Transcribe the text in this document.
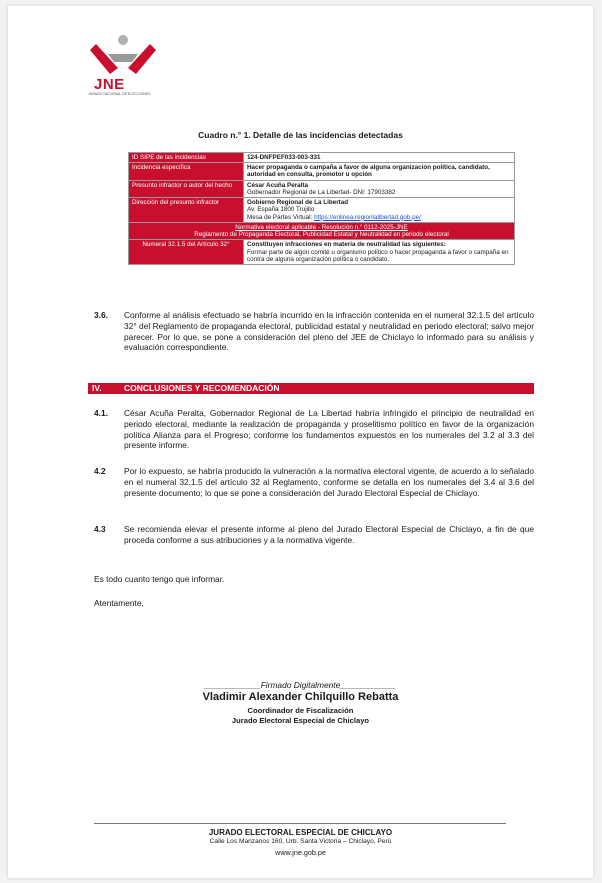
JNE
JURADO NACIONAL DE ELECCIONES
Cuadro n.° 1. Detalle de las incidencias detectadas
ID SIPE de las incidencias	124-DNFPEF033-003-331
Incidencia específica	Hacer propaganda o campaña a favor de alguna organización política, candidato, autoridad en consulta, promotor u opción
Presunto infractor o autor del hecho	César Acuña Peralta
Gobernador Regional de La Libertad- DNI: 17903382
Dirección del presunto infractor	Gobierno Regional de La Libertad
Av. España 1800 Trujillo
Mesa de Partes Virtual: https://enlinea.regionlalibertad.gob.pe/
Normativa electoral aplicable - Resolución n.° 0112-2025-JNE
Reglamento de Propaganda Electoral, Publicidad Estatal y Neutralidad en periodo electoral	
Numeral 32.1.5 del Artículo 32°	Constituyen infracciones en materia de neutralidad las siguientes:
Formar parte de algún comité u organismo político o hacer propaganda a favor o campaña en contra de alguna organización política o candidato.
3.6. Conforme al análisis efectuado se habría incurrido en la infracción contenida en el numeral 32.1.5 del artículo 32° del Reglamento de propaganda electoral, publicidad estatal y neutralidad en periodo electoral; salvo mejor parecer. Por lo que, se pone a consideración del pleno del JEE de Chiclayo lo informado para su análisis y evaluación correspondiente.
IV.	CONCLUSIONES Y RECOMENDACIÓN
4.1. César Acuña Peralta, Gobernador Regional de La Libertad habría infringido el principio de neutralidad en periodo electoral, mediante la realización de propaganda y proselitismo político en favor de la organización política Alianza para el Progreso; conforme los fundamentos expuestos en los numerales del 3.2 al 3.3 del presente informe.
4.2 Por lo expuesto, se habría producido la vulneración a la normativa electoral vigente, de acuerdo a lo señalado en el numeral 32.1.5 del artículo 32 al Reglamento, conforme se detalla en los numerales del 3.4 al 3.6 del presente documento; lo que se pone a consideración del Jurado Electoral Especial de Chiclayo.
4.3 Se recomienda elevar el presente informe al pleno del Jurado Electoral Especial de Chiclayo, a fin de que proceda conforme a sus atribuciones y a la normativa vigente.
Es todo cuanto tengo que informar.
Atentamente,
____________Firmado Digitalmente____________
Vladimir Alexander Chilquillo Rebatta
Coordinador de Fiscalización
Jurado Electoral Especial de Chiclayo
JURADO ELECTORAL ESPECIAL DE CHICLAYO
Calle Los Manzanos 160, Urb. Santa Victoria – Chiclayo, Perú
www.jne.gob.pe
